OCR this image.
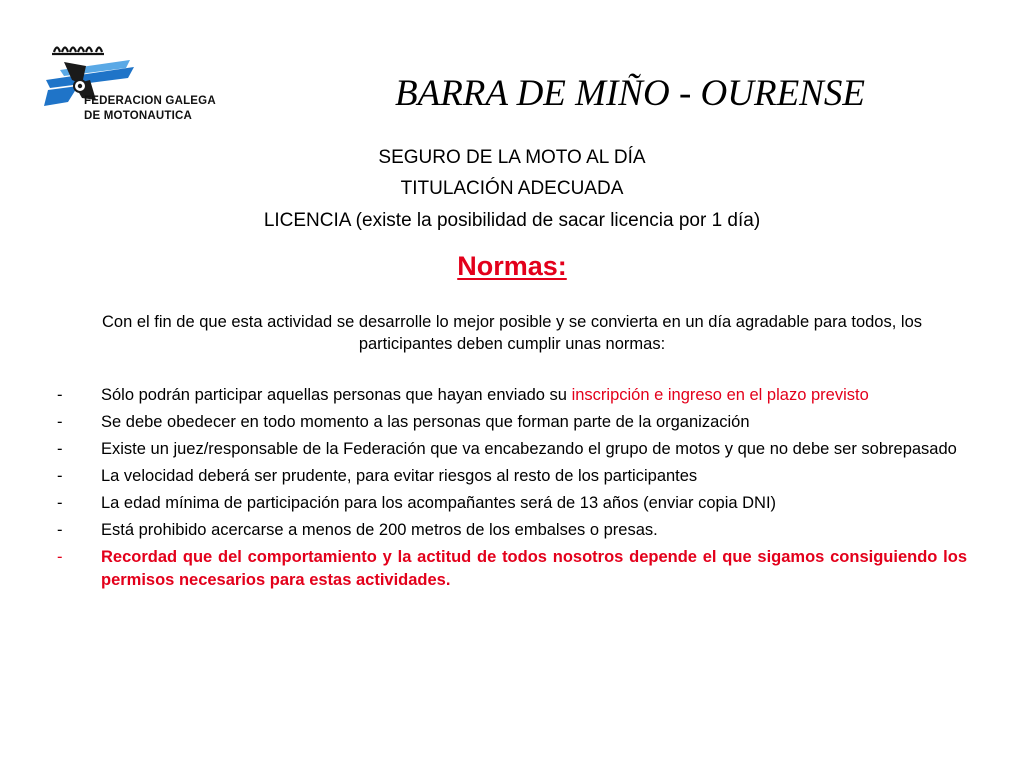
FEDERACION GALEGA
DE MOTONAUTICA
BARRA DE MIÑO - OURENSE
SEGURO DE LA MOTO AL DÍA
TITULACIÓN ADECUADA
LICENCIA (existe la posibilidad de sacar licencia por 1 día)
Normas:
Con el fin de que esta actividad se desarrolle lo mejor posible y se convierta en un día agradable para todos, los participantes deben cumplir unas normas:
- Sólo podrán participar aquellas personas que hayan enviado su inscripción e ingreso en el plazo previsto
- Se debe obedecer en todo momento a las personas que forman parte de la organización
- Existe un juez/responsable de la Federación que va encabezando el grupo de motos y que no debe ser sobrepasado
- La velocidad deberá ser prudente, para evitar riesgos al resto de los participantes
- La edad mínima de participación para los acompañantes será de 13 años (enviar copia DNI)
- Está prohibido acercarse a menos de 200 metros de los embalses o presas.
- Recordad que del comportamiento y la actitud de todos nosotros depende el que sigamos consiguiendo los permisos necesarios para estas actividades.
